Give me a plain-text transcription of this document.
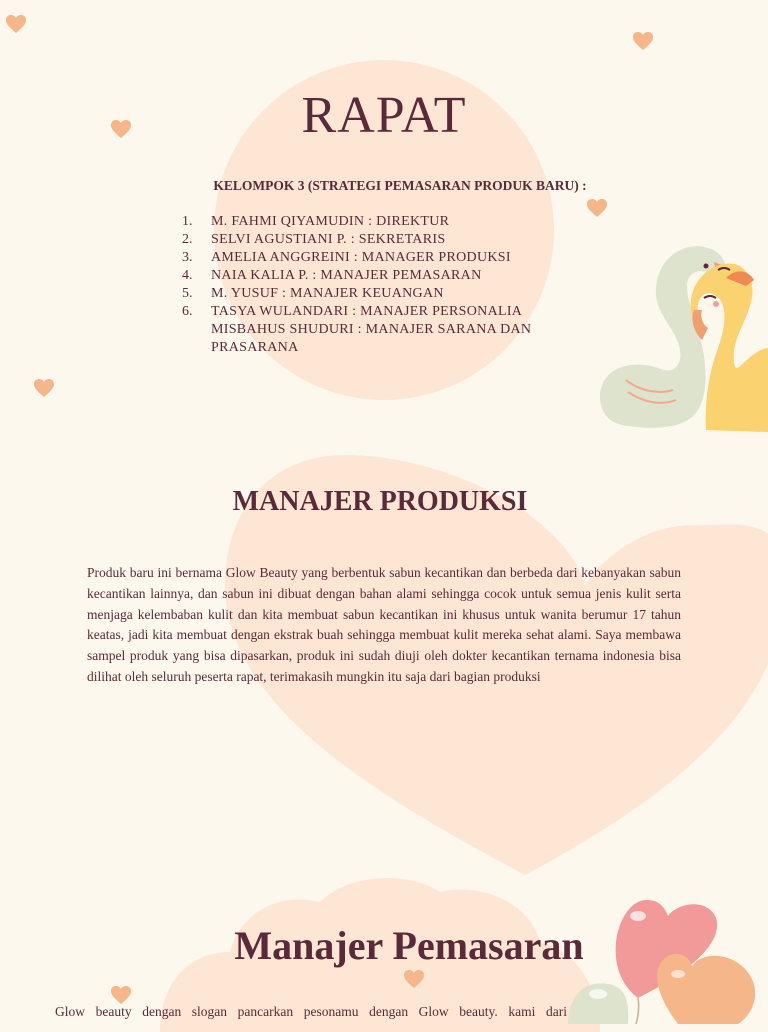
RAPAT

KELOMPOK 3 (STRATEGI PEMASARAN PRODUK BARU) :

1.	M. FAHMI QIYAMUDIN : DIREKTUR
2.	SELVI AGUSTIANI P. : SEKRETARIS
3.	AMELIA ANGGREINI : MANAGER PRODUKSI
4.	NAIA KALIA P. : MANAJER PEMASARAN
5.	M. YUSUF : MANAJER KEUANGAN
6.	TASYA WULANDARI : MANAJER PERSONALIA
MISBAHUS SHUDURI : MANAJER SARANA DAN PRASARANA
MANAJER PRODUKSI

Produk baru ini bernama Glow Beauty yang berbentuk sabun kecantikan dan berbeda dari kebanyakan sabun kecantikan lainnya, dan sabun ini dibuat dengan bahan alami sehingga cocok untuk semua jenis kulit serta menjaga kelembaban kulit dan kita membuat sabun kecantikan ini khusus untuk wanita berumur 17 tahun keatas, jadi kita membuat dengan ekstrak buah sehingga membuat kulit mereka sehat alami. Saya membawa sampel produk yang bisa dipasarkan, produk ini sudah diuji oleh dokter kecantikan ternama indonesia bisa dilihat oleh seluruh peserta rapat, terimakasih mungkin itu saja dari bagian produksi

Manajer Pemasaran

Glow beauty dengan slogan pancarkan pesonamu dengan Glow beauty. kami dari
